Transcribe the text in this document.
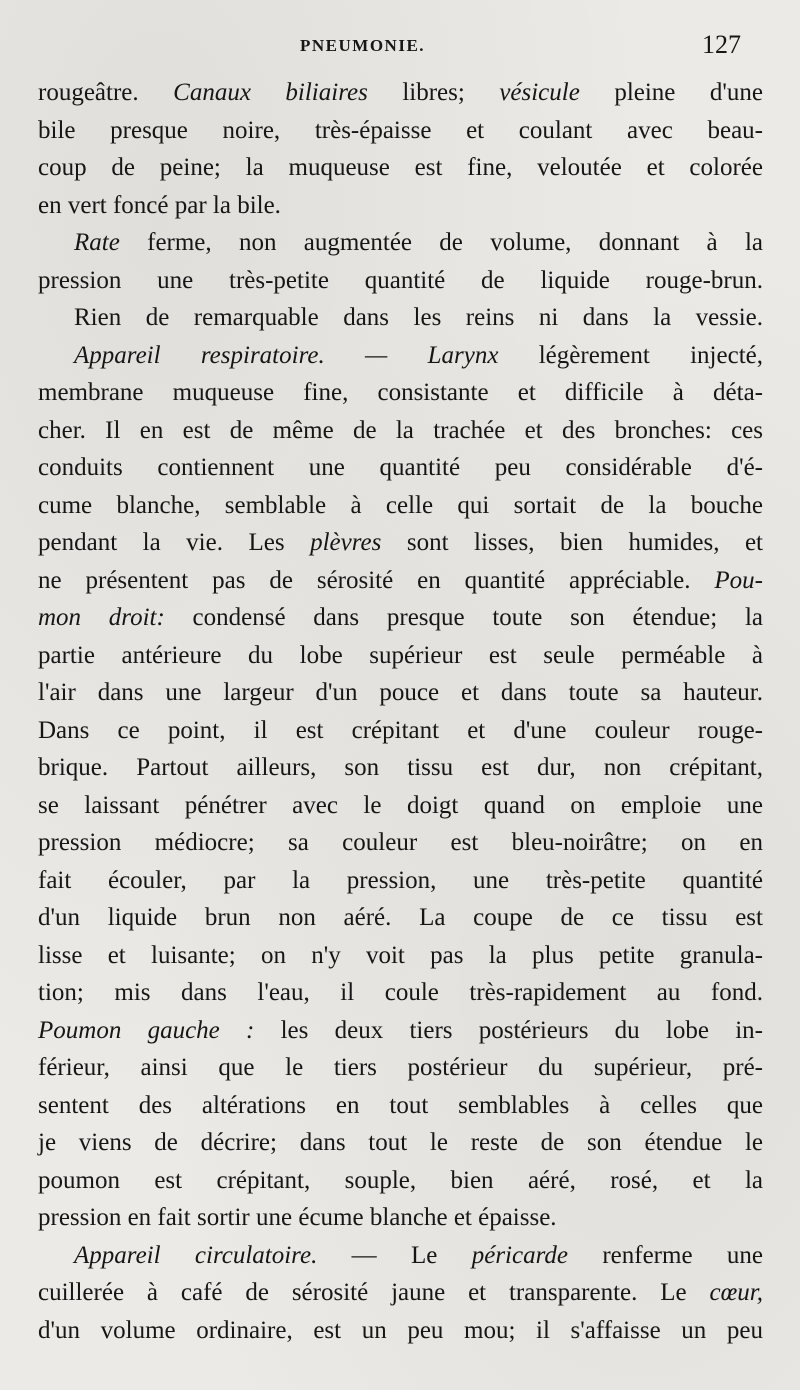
PNEUMONIE.	127
rougeâtre. Canaux biliaires libres; vésicule pleine d'une
bile presque noire, très-épaisse et coulant avec beau-
coup de peine; la muqueuse est fine, veloutée et colorée
en vert foncé par la bile.
Rate ferme, non augmentée de volume, donnant à la
pression une très-petite quantité de liquide rouge-brun.
Rien de remarquable dans les reins ni dans la vessie.
Appareil respiratoire. — Larynx légèrement injecté,
membrane muqueuse fine, consistante et difficile à déta-
cher. Il en est de même de la trachée et des bronches: ces
conduits contiennent une quantité peu considérable d'é-
cume blanche, semblable à celle qui sortait de la bouche
pendant la vie. Les plèvres sont lisses, bien humides, et
ne présentent pas de sérosité en quantité appréciable. Pou-
mon droit: condensé dans presque toute son étendue; la
partie antérieure du lobe supérieur est seule perméable à
l'air dans une largeur d'un pouce et dans toute sa hauteur.
Dans ce point, il est crépitant et d'une couleur rouge-
brique. Partout ailleurs, son tissu est dur, non crépitant,
se laissant pénétrer avec le doigt quand on emploie une
pression médiocre; sa couleur est bleu-noirâtre; on en
fait écouler, par la pression, une très-petite quantité
d'un liquide brun non aéré. La coupe de ce tissu est
lisse et luisante; on n'y voit pas la plus petite granula-
tion; mis dans l'eau, il coule très-rapidement au fond.
Poumon gauche : les deux tiers postérieurs du lobe in-
férieur, ainsi que le tiers postérieur du supérieur, pré-
sentent des altérations en tout semblables à celles que
je viens de décrire; dans tout le reste de son étendue le
poumon est crépitant, souple, bien aéré, rosé, et la
pression en fait sortir une écume blanche et épaisse.
Appareil circulatoire. — Le péricarde renferme une
cuillerée à café de sérosité jaune et transparente. Le cœur,
d'un volume ordinaire, est un peu mou; il s'affaisse un peu
